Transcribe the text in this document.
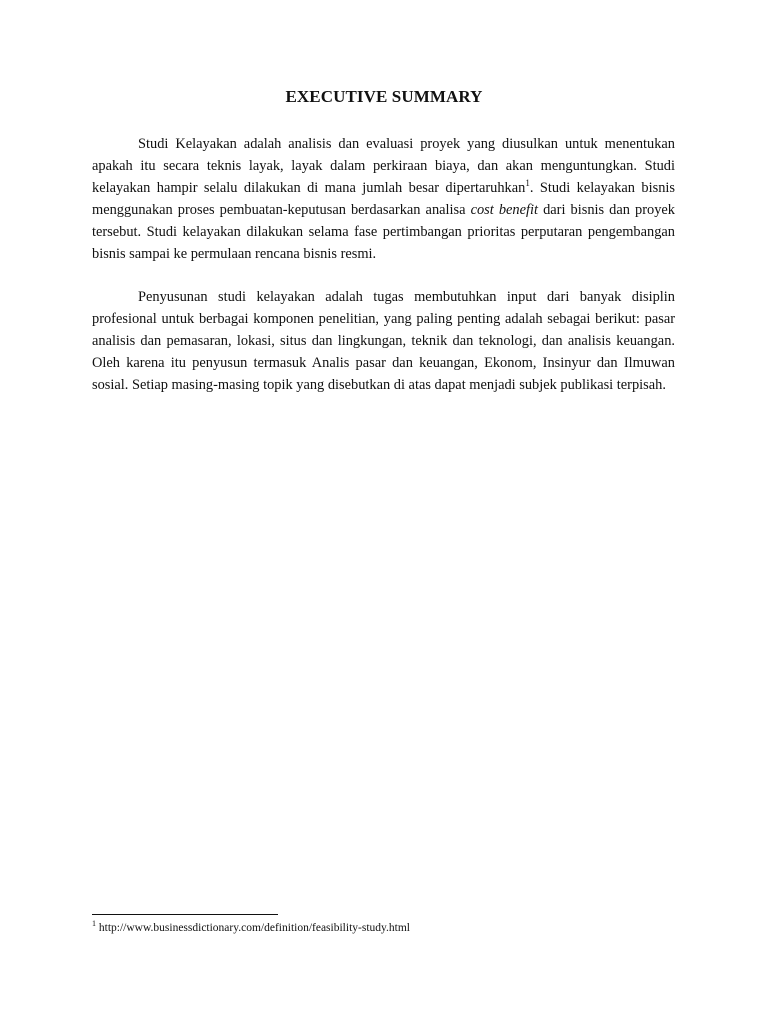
EXECUTIVE SUMMARY

Studi Kelayakan adalah analisis dan evaluasi proyek yang diusulkan untuk menentukan apakah itu secara teknis layak, layak dalam perkiraan biaya, dan akan menguntungkan. Studi kelayakan hampir selalu dilakukan di mana jumlah besar dipertaruhkan$^1$. Studi kelayakan bisnis menggunakan proses pembuatan-keputusan berdasarkan analisa cost benefit dari bisnis dan proyek tersebut. Studi kelayakan dilakukan selama fase pertimbangan prioritas perputaran pengembangan bisnis sampai ke permulaan rencana bisnis resmi.

Penyusunan studi kelayakan adalah tugas membutuhkan input dari banyak disiplin profesional untuk berbagai komponen penelitian, yang paling penting adalah sebagai berikut: pasar analisis dan pemasaran, lokasi, situs dan lingkungan, teknik dan teknologi, dan analisis keuangan. Oleh karena itu penyusun termasuk Analis pasar dan keuangan, Ekonom, Insinyur dan Ilmuwan sosial. Setiap masing-masing topik yang disebutkan di atas dapat menjadi subjek publikasi terpisah.

$^1$ http://www.businessdictionary.com/definition/feasibility-study.html
